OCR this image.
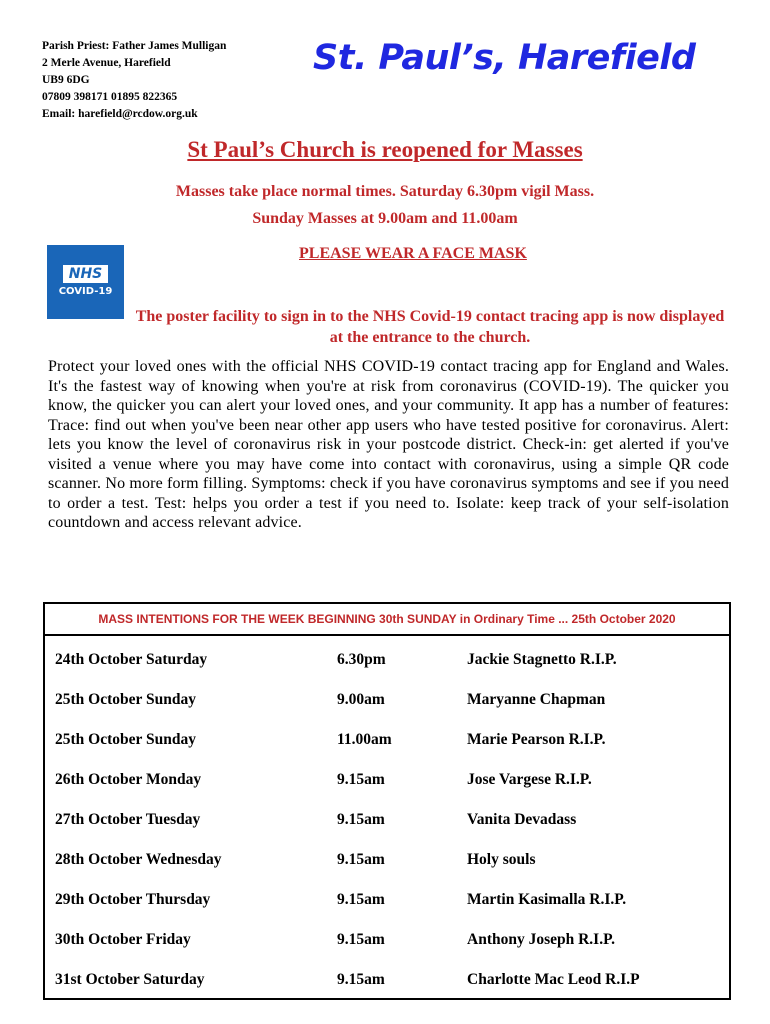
Parish Priest: Father James Mulligan
2 Merle Avenue, Harefield
UB9 6DG
07809 398171 01895 822365
Email: harefield@rcdow.org.uk
St. Paul’s, Harefield
St Paul’s Church is reopened for Masses
Masses take place normal times. Saturday 6.30pm vigil Mass.
Sunday Masses at 9.00am and 11.00am
NHS
COVID-19
PLEASE WEAR A FACE MASK
The poster facility to sign in to the NHS Covid-19 contact tracing app is now displayed at the entrance to the church.
Protect your loved ones with the official NHS COVID-19 contact tracing app for England and Wales. It's the fastest way of knowing when you're at risk from coronavirus (COVID-19). The quicker you know, the quicker you can alert your loved ones, and your community. It app has a number of features: Trace: find out when you've been near other app users who have tested positive for coronavirus. Alert: lets you know the level of coronavirus risk in your postcode district. Check-in: get alerted if you've visited a venue where you may have come into contact with coronavirus, using a simple QR code scanner. No more form filling. Symptoms: check if you have coronavirus symptoms and see if you need to order a test. Test: helps you order a test if you need to. Isolate: keep track of your self-isolation countdown and access relevant advice.
MASS INTENTIONS FOR THE WEEK BEGINNING 30th SUNDAY in Ordinary Time ... 25th October 2020
24th October Saturday	6.30pm	Jackie Stagnetto R.I.P.
25th October Sunday	9.00am	Maryanne Chapman
25th October Sunday	11.00am	Marie Pearson R.I.P.
26th October Monday	9.15am	Jose Vargese R.I.P.
27th October Tuesday	9.15am	Vanita Devadass
28th October Wednesday	9.15am	Holy souls
29th October Thursday	9.15am	Martin Kasimalla R.I.P.
30th October Friday	9.15am	Anthony Joseph R.I.P.
31st October Saturday	9.15am	Charlotte Mac Leod R.I.P
